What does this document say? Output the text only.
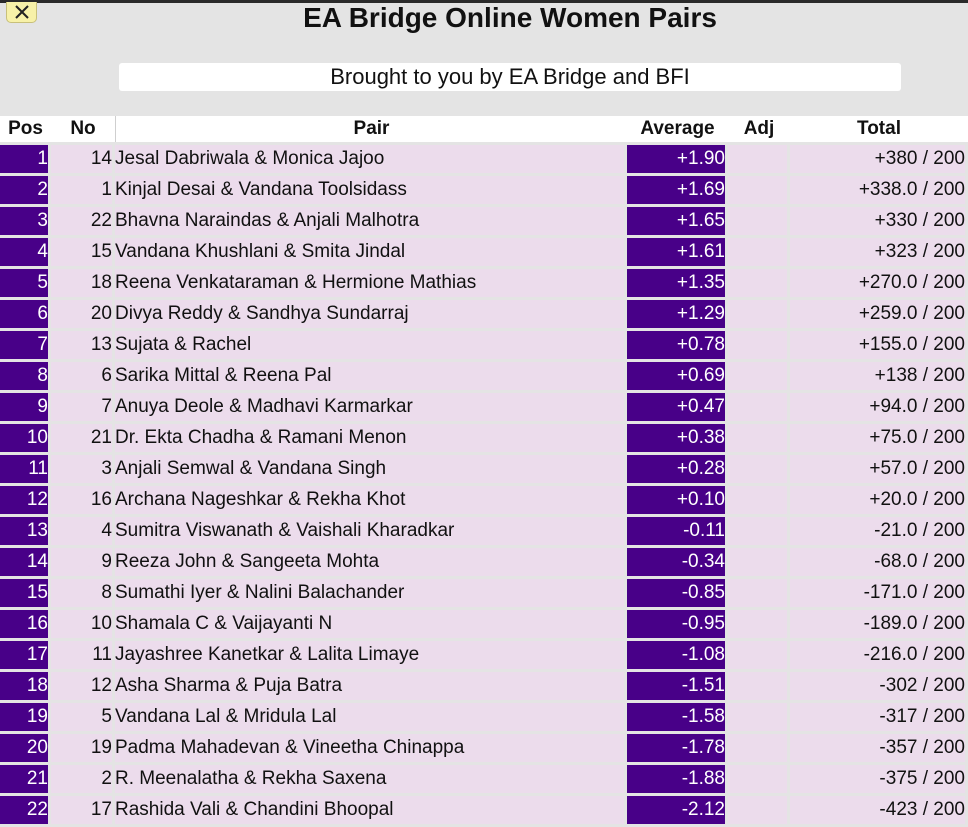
EA Bridge Online Women Pairs
Brought to you by EA Bridge and BFI
Pos	No	Pair	Average	Adj	Total
1	14	Jesal Dabriwala & Monica Jajoo	+1.90		+380 / 200
2	1	Kinjal Desai & Vandana Toolsidass	+1.69		+338.0 / 200
3	22	Bhavna Naraindas & Anjali Malhotra	+1.65		+330 / 200
4	15	Vandana Khushlani & Smita Jindal	+1.61		+323 / 200
5	18	Reena Venkataraman & Hermione Mathias	+1.35		+270.0 / 200
6	20	Divya Reddy & Sandhya Sundarraj	+1.29		+259.0 / 200
7	13	Sujata & Rachel	+0.78		+155.0 / 200
8	6	Sarika Mittal & Reena Pal	+0.69		+138 / 200
9	7	Anuya Deole & Madhavi Karmarkar	+0.47		+94.0 / 200
10	21	Dr. Ekta Chadha & Ramani Menon	+0.38		+75.0 / 200
11	3	Anjali Semwal & Vandana Singh	+0.28		+57.0 / 200
12	16	Archana Nageshkar & Rekha Khot	+0.10		+20.0 / 200
13	4	Sumitra Viswanath & Vaishali Kharadkar	-0.11		-21.0 / 200
14	9	Reeza John & Sangeeta Mohta	-0.34		-68.0 / 200
15	8	Sumathi Iyer & Nalini Balachander	-0.85		-171.0 / 200
16	10	Shamala C & Vaijayanti N	-0.95		-189.0 / 200
17	11	Jayashree Kanetkar & Lalita Limaye	-1.08		-216.0 / 200
18	12	Asha Sharma & Puja Batra	-1.51		-302 / 200
19	5	Vandana Lal & Mridula Lal	-1.58		-317 / 200
20	19	Padma Mahadevan & Vineetha Chinappa	-1.78		-357 / 200
21	2	R. Meenalatha & Rekha Saxena	-1.88		-375 / 200
22	17	Rashida Vali & Chandini Bhoopal	-2.12		-423 / 200
